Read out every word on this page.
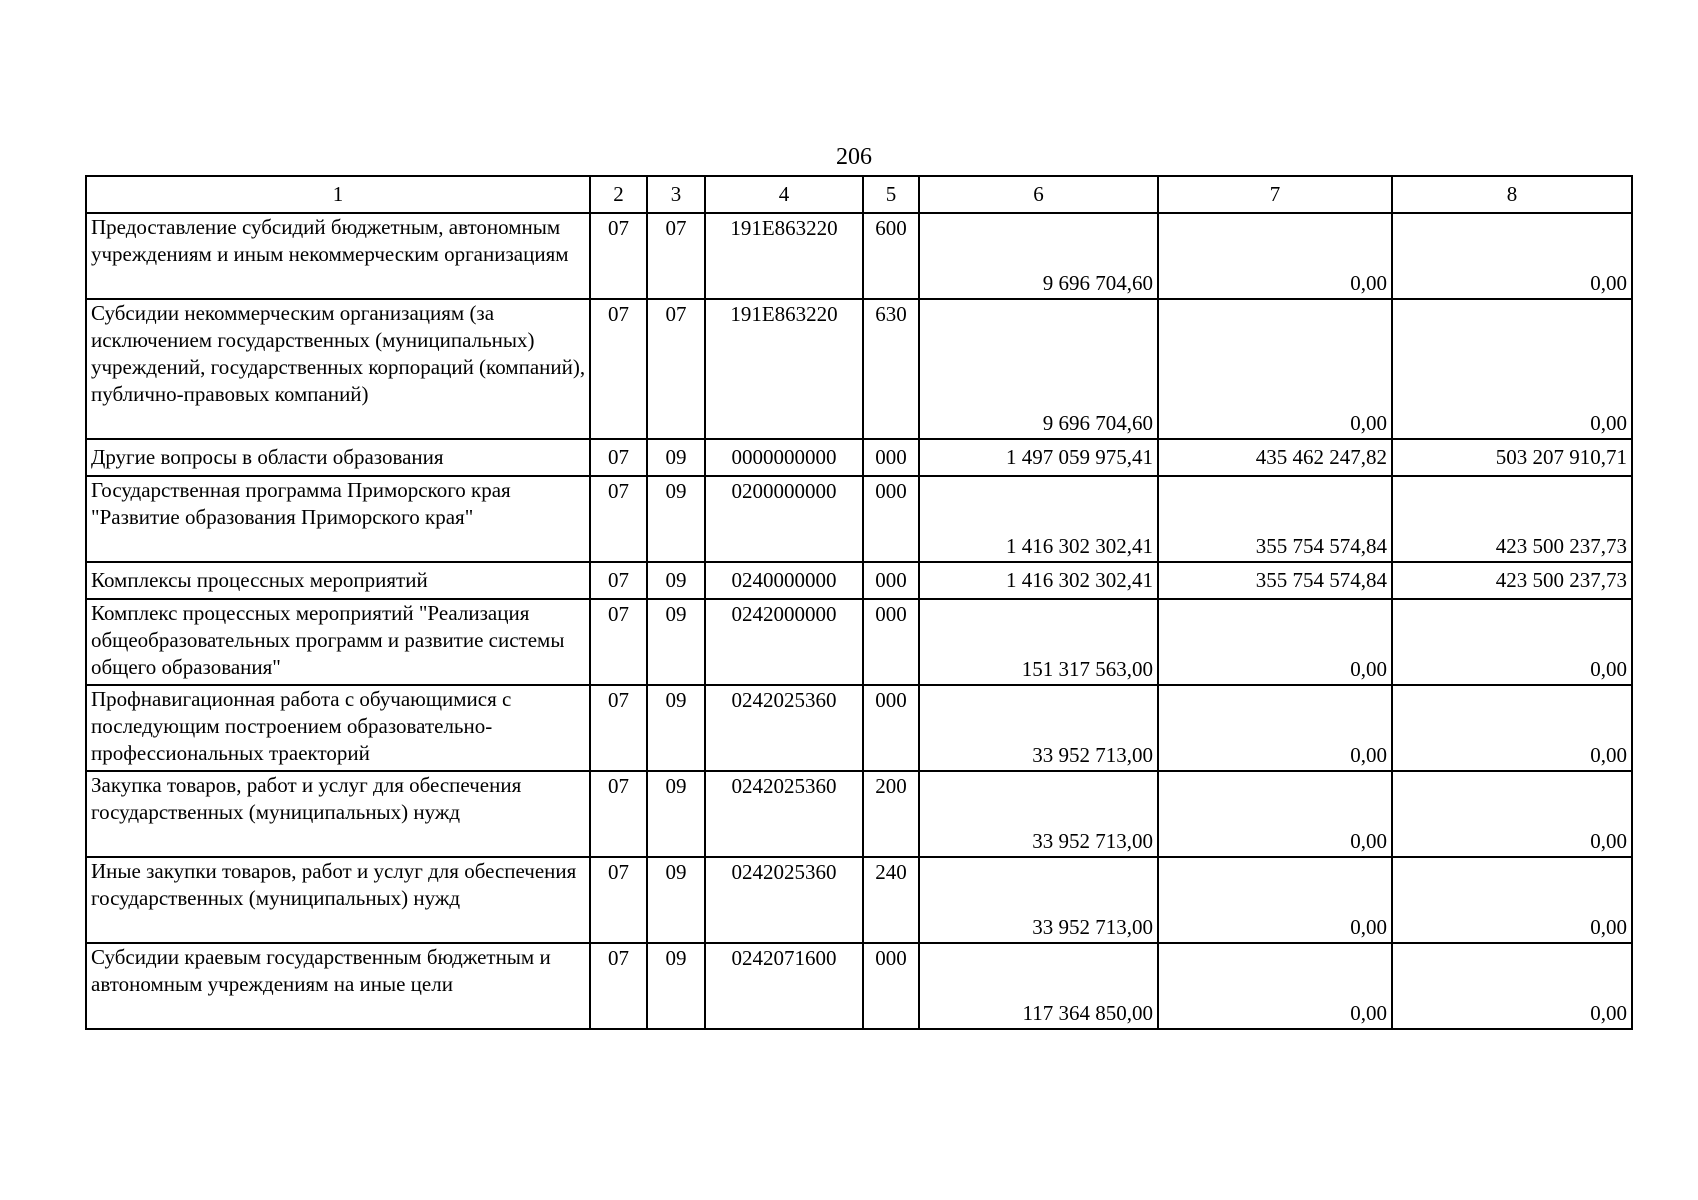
206
1	2	3	4	5	6	7	8
Предоставление субсидий бюджетным, автономным учреждениям и иным некоммерческим организациям	07	07	191E863220	600	9 696 704,60	0,00	0,00
Субсидии некоммерческим организациям (за исключением государственных (муниципальных) учреждений, государственных корпораций (компаний), публично-правовых компаний)	07	07	191E863220	630	9 696 704,60	0,00	0,00
Другие вопросы в области образования	07	09	0000000000	000	1 497 059 975,41	435 462 247,82	503 207 910,71
Государственная программа Приморского края "Развитие образования Приморского края"	07	09	0200000000	000	1 416 302 302,41	355 754 574,84	423 500 237,73
Комплексы процессных мероприятий	07	09	0240000000	000	1 416 302 302,41	355 754 574,84	423 500 237,73
Комплекс процессных мероприятий "Реализация общеобразовательных программ и развитие системы общего образования"	07	09	0242000000	000	151 317 563,00	0,00	0,00
Профнавигационная работа с обучающимися с последующим построением образовательно-профессиональных траекторий	07	09	0242025360	000	33 952 713,00	0,00	0,00
Закупка товаров, работ и услуг для обеспечения государственных (муниципальных) нужд	07	09	0242025360	200	33 952 713,00	0,00	0,00
Иные закупки товаров, работ и услуг для обеспечения государственных (муниципальных) нужд	07	09	0242025360	240	33 952 713,00	0,00	0,00
Субсидии краевым государственным бюджетным и автономным учреждениям на иные цели	07	09	0242071600	000	117 364 850,00	0,00	0,00
